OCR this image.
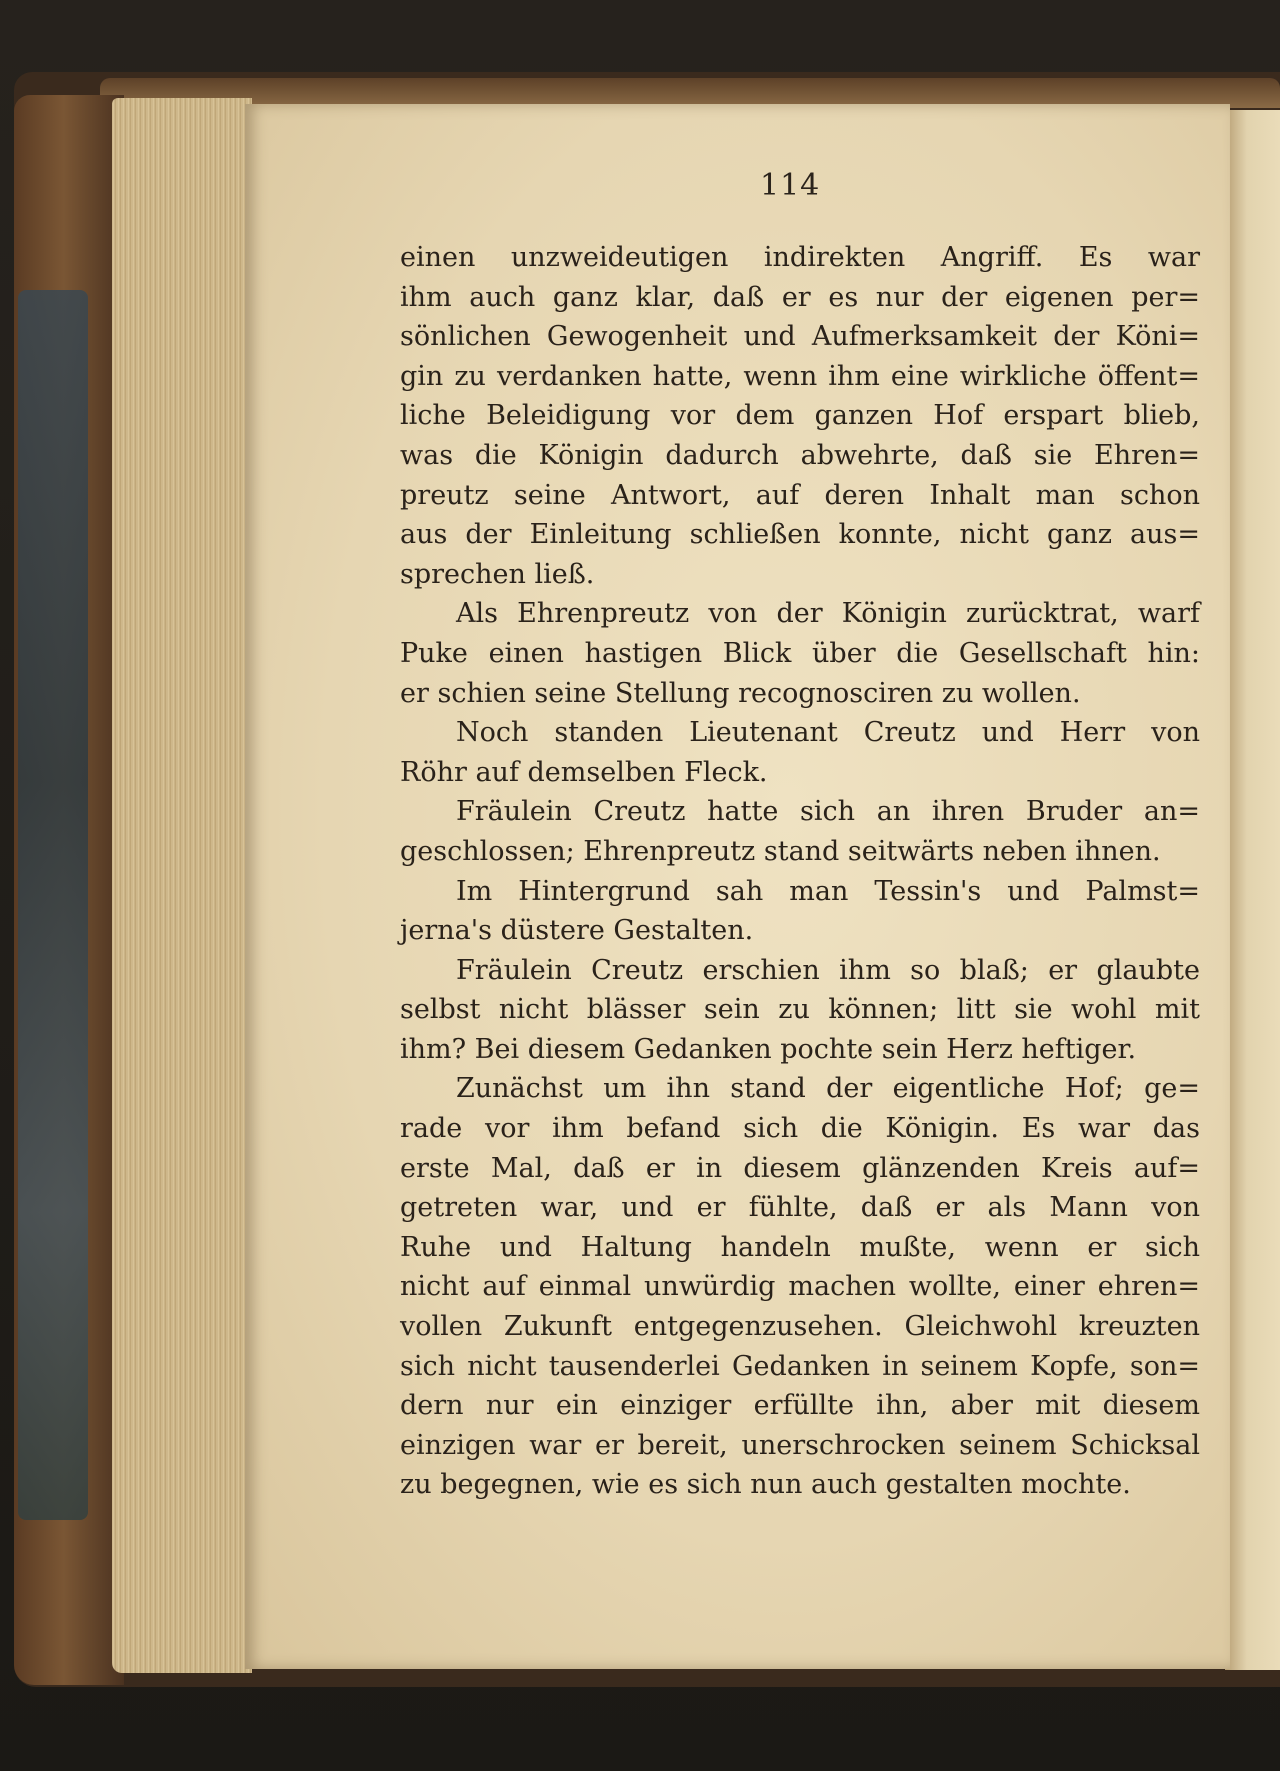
114
einen unzweideutigen indirekten Angriff. Es war
ihm auch ganz klar, daß er es nur der eigenen per=
sönlichen Gewogenheit und Aufmerksamkeit der Köni=
gin zu verdanken hatte, wenn ihm eine wirkliche öffent=
liche Beleidigung vor dem ganzen Hof erspart blieb,
was die Königin dadurch abwehrte, daß sie Ehren=
preutz seine Antwort, auf deren Inhalt man schon
aus der Einleitung schließen konnte, nicht ganz aus=
sprechen ließ.
Als Ehrenpreutz von der Königin zurücktrat, warf
Puke einen hastigen Blick über die Gesellschaft hin:
er schien seine Stellung recognosciren zu wollen.
Noch standen Lieutenant Creutz und Herr von
Röhr auf demselben Fleck.
Fräulein Creutz hatte sich an ihren Bruder an=
geschlossen; Ehrenpreutz stand seitwärts neben ihnen.
Im Hintergrund sah man Tessin's und Palmst=
jerna's düstere Gestalten.
Fräulein Creutz erschien ihm so blaß; er glaubte
selbst nicht blässer sein zu können; litt sie wohl mit
ihm? Bei diesem Gedanken pochte sein Herz heftiger.
Zunächst um ihn stand der eigentliche Hof; ge=
rade vor ihm befand sich die Königin. Es war das
erste Mal, daß er in diesem glänzenden Kreis auf=
getreten war, und er fühlte, daß er als Mann von
Ruhe und Haltung handeln mußte, wenn er sich
nicht auf einmal unwürdig machen wollte, einer ehren=
vollen Zukunft entgegenzusehen. Gleichwohl kreuzten
sich nicht tausenderlei Gedanken in seinem Kopfe, son=
dern nur ein einziger erfüllte ihn, aber mit diesem
einzigen war er bereit, unerschrocken seinem Schicksal
zu begegnen, wie es sich nun auch gestalten mochte.
